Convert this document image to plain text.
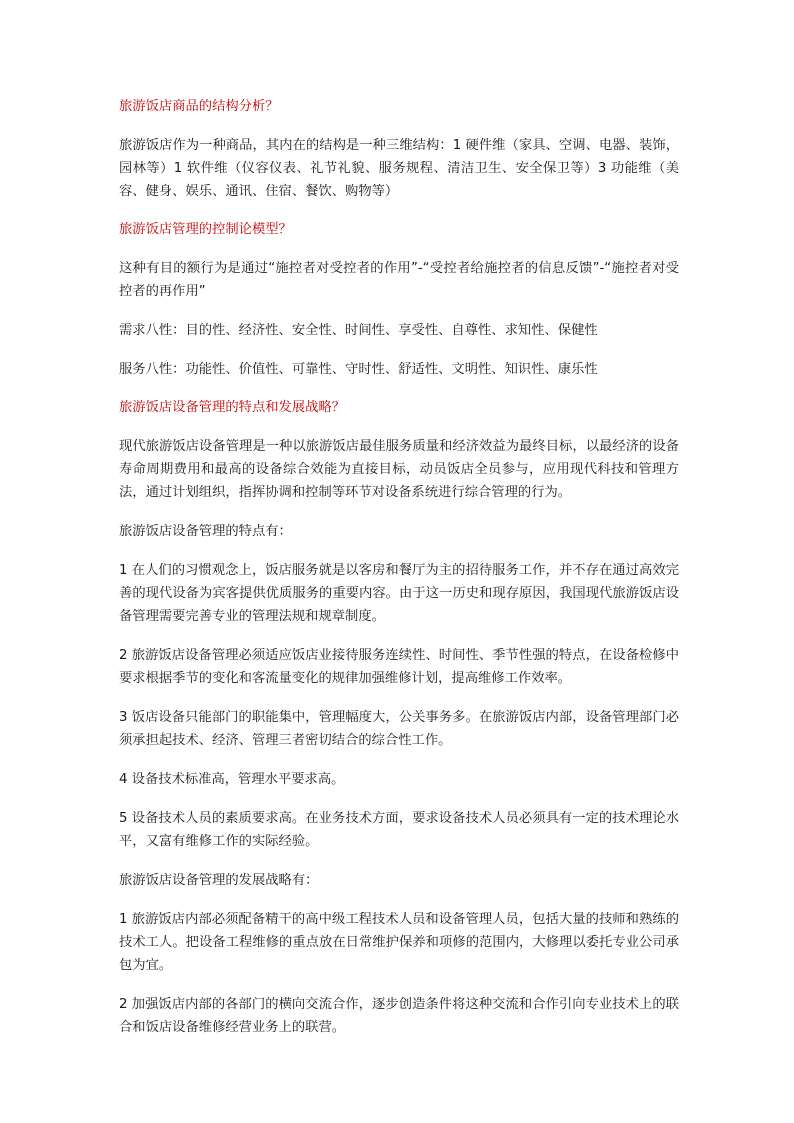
旅游饭店商品的结构分析？

旅游饭店作为一种商品，其内在的结构是一种三维结构：1 硬件维（家具、空调、电器、装饰，园林等）1 软件维（仪容仪表、礼节礼貌、服务规程、清洁卫生、安全保卫等）3 功能维（美容、健身、娱乐、通讯、住宿、餐饮、购物等）

旅游饭店管理的控制论模型？

这种有目的额行为是通过“施控者对受控者的作用”-“受控者给施控者的信息反馈”-“施控者对受控者的再作用”

需求八性：目的性、经济性、安全性、时间性、享受性、自尊性、求知性、保健性

服务八性：功能性、价值性、可靠性、守时性、舒适性、文明性、知识性、康乐性

旅游饭店设备管理的特点和发展战略？

现代旅游饭店设备管理是一种以旅游饭店最佳服务质量和经济效益为最终目标，以最经济的设备寿命周期费用和最高的设备综合效能为直接目标，动员饭店全员参与，应用现代科技和管理方法，通过计划组织，指挥协调和控制等环节对设备系统进行综合管理的行为。

旅游饭店设备管理的特点有：

1 在人们的习惯观念上，饭店服务就是以客房和餐厅为主的招待服务工作，并不存在通过高效完善的现代设备为宾客提供优质服务的重要内容。由于这一历史和现存原因，我国现代旅游饭店设备管理需要完善专业的管理法规和规章制度。

2 旅游饭店设备管理必须适应饭店业接待服务连续性、时间性、季节性强的特点，在设备检修中要求根据季节的变化和客流量变化的规律加强维修计划，提高维修工作效率。

3 饭店设备只能部门的职能集中，管理幅度大，公关事务多。在旅游饭店内部，设备管理部门必须承担起技术、经济、管理三者密切结合的综合性工作。

4 设备技术标准高，管理水平要求高。

5 设备技术人员的素质要求高。在业务技术方面，要求设备技术人员必须具有一定的技术理论水平，又富有维修工作的实际经验。

旅游饭店设备管理的发展战略有：

1 旅游饭店内部必须配备精干的高中级工程技术人员和设备管理人员，包括大量的技师和熟练的技术工人。把设备工程维修的重点放在日常维护保养和项修的范围内，大修理以委托专业公司承包为宜。

2 加强饭店内部的各部门的横向交流合作，逐步创造条件将这种交流和合作引向专业技术上的联合和饭店设备维修经营业务上的联营。
